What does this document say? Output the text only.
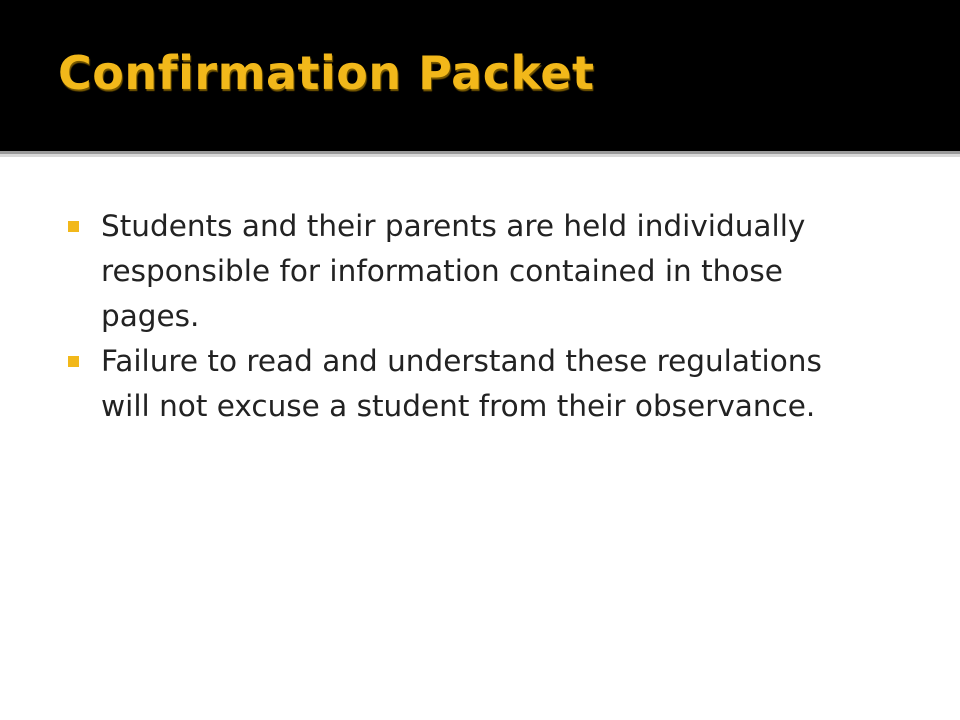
Confirmation Packet
Students and their parents are held individually responsible for information contained in those pages.
Failure to read and understand these regulations will not excuse a student from their observance.
